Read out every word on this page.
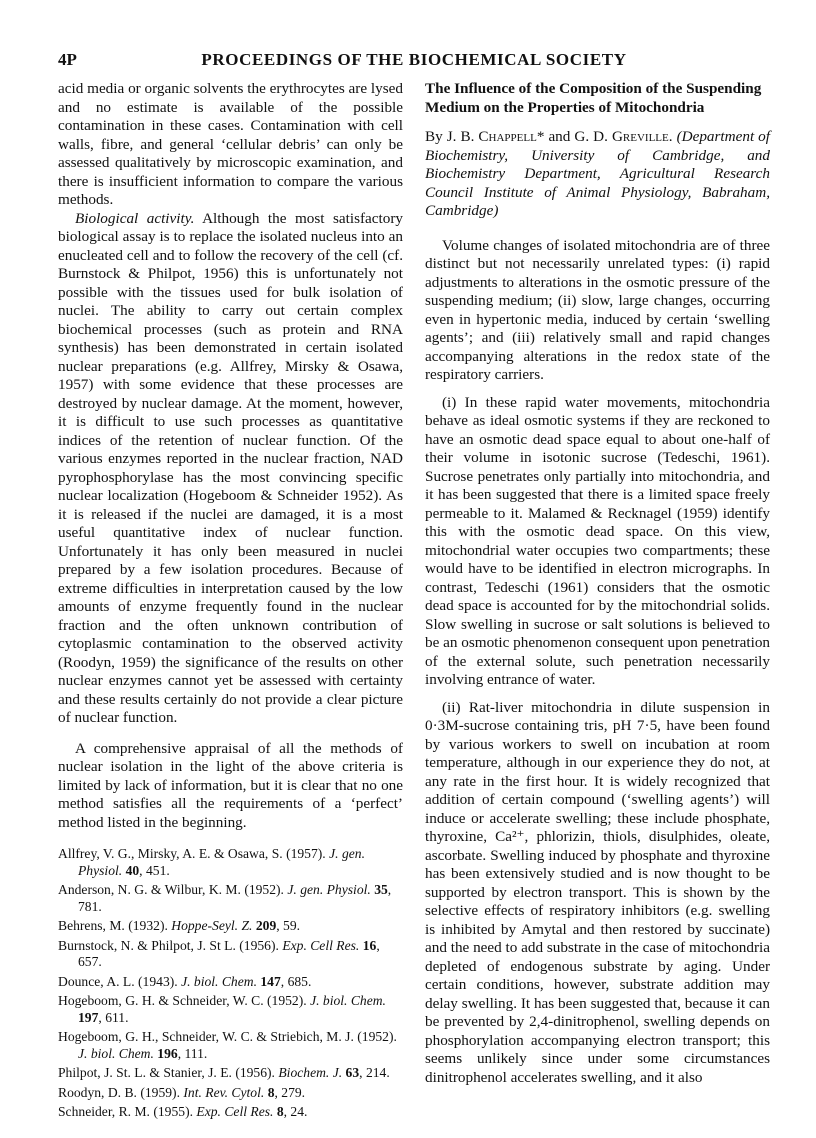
4P	PROCEEDINGS OF THE BIOCHEMICAL SOCIETY

acid media or organic solvents the erythrocytes are lysed and no estimate is available of the possible contamination in these cases. Contamination with cell walls, fibre, and general ‘cellular debris’ can only be assessed qualitatively by microscopic examination, and there is insufficient information to compare the various methods.

Biological activity. Although the most satisfactory biological assay is to replace the isolated nucleus into an enucleated cell and to follow the recovery of the cell (cf. Burnstock & Philpot, 1956) this is unfortunately not possible with the tissues used for bulk isolation of nuclei. The ability to carry out certain complex biochemical processes (such as protein and RNA synthesis) has been demonstrated in certain isolated nuclear preparations (e.g. Allfrey, Mirsky & Osawa, 1957) with some evidence that these processes are destroyed by nuclear damage. At the moment, however, it is difficult to use such processes as quantitative indices of the retention of nuclear function. Of the various enzymes reported in the nuclear fraction, NAD pyrophosphorylase has the most convincing specific nuclear localization (Hogeboom & Schneider 1952). As it is released if the nuclei are damaged, it is a most useful quantitative index of nuclear function. Unfortunately it has only been measured in nuclei prepared by a few isolation procedures. Because of extreme difficulties in interpretation caused by the low amounts of enzyme frequently found in the nuclear fraction and the often unknown contribution of cytoplasmic contamination to the observed activity (Roodyn, 1959) the significance of the results on other nuclear enzymes cannot yet be assessed with certainty and these results certainly do not provide a clear picture of nuclear function.

A comprehensive appraisal of all the methods of nuclear isolation in the light of the above criteria is limited by lack of information, but it is clear that no one method satisfies all the requirements of a ‘perfect’ method listed in the beginning.

Allfrey, V. G., Mirsky, A. E. & Osawa, S. (1957). J. gen. Physiol. 40, 451.

Anderson, N. G. & Wilbur, K. M. (1952). J. gen. Physiol. 35, 781.

Behrens, M. (1932). Hoppe-Seyl. Z. 209, 59.

Burnstock, N. & Philpot, J. St L. (1956). Exp. Cell Res. 16, 657.

Dounce, A. L. (1943). J. biol. Chem. 147, 685.

Hogeboom, G. H. & Schneider, W. C. (1952). J. biol. Chem. 197, 611.

Hogeboom, G. H., Schneider, W. C. & Striebich, M. J. (1952). J. biol. Chem. 196, 111.

Philpot, J. St. L. & Stanier, J. E. (1956). Biochem. J. 63, 214.

Roodyn, D. B. (1959). Int. Rev. Cytol. 8, 279.

Schneider, R. M. (1955). Exp. Cell Res. 8, 24.

The Influence of the Composition of the Suspending Medium on the Properties of Mitochondria

By J. B. Chappell* and G. D. Greville. (Department of Biochemistry, University of Cambridge, and Biochemistry Department, Agricultural Research Council Institute of Animal Physiology, Babraham, Cambridge)

Volume changes of isolated mitochondria are of three distinct but not necessarily unrelated types: (i) rapid adjustments to alterations in the osmotic pressure of the suspending medium; (ii) slow, large changes, occurring even in hypertonic media, induced by certain ‘swelling agents’; and (iii) relatively small and rapid changes accompanying alterations in the redox state of the respiratory carriers.

(i) In these rapid water movements, mitochondria behave as ideal osmotic systems if they are reckoned to have an osmotic dead space equal to about one-half of their volume in isotonic sucrose (Tedeschi, 1961). Sucrose penetrates only partially into mitochondria, and it has been suggested that there is a limited space freely permeable to it. Malamed & Recknagel (1959) identify this with the osmotic dead space. On this view, mitochondrial water occupies two compartments; these would have to be identified in electron micrographs. In contrast, Tedeschi (1961) considers that the osmotic dead space is accounted for by the mitochondrial solids. Slow swelling in sucrose or salt solutions is believed to be an osmotic phenomenon consequent upon penetration of the external solute, such penetration necessarily involving entrance of water.

(ii) Rat-liver mitochondria in dilute suspension in 0·3M-sucrose containing tris, pH 7·5, have been found by various workers to swell on incubation at room temperature, although in our experience they do not, at any rate in the first hour. It is widely recognized that addition of certain compound (‘swelling agents’) will induce or accelerate swelling; these include phosphate, thyroxine, Ca²⁺, phlorizin, thiols, disulphides, oleate, ascorbate. Swelling induced by phosphate and thyroxine has been extensively studied and is now thought to be supported by electron transport. This is shown by the selective effects of respiratory inhibitors (e.g. swelling is inhibited by Amytal and then restored by succinate) and the need to add substrate in the case of mitochondria depleted of endogenous substrate by aging. Under certain conditions, however, substrate addition may delay swelling. It has been suggested that, because it can be prevented by 2,4-dinitrophenol, swelling depends on phosphorylation accompanying electron transport; this seems unlikely since under some circumstances dinitrophenol accelerates swelling, and it also
